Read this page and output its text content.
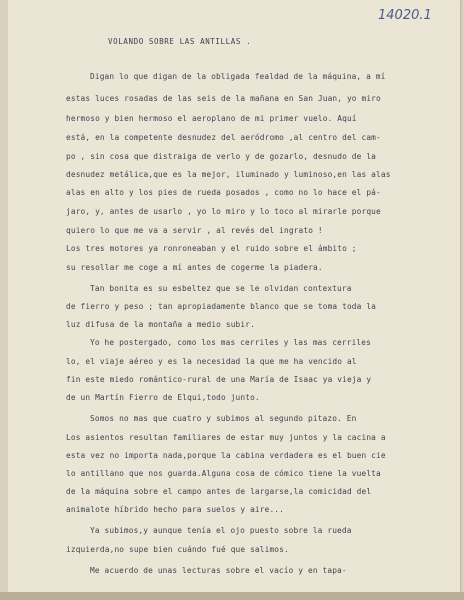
14020.1
VOLANDO SOBRE LAS ANTILLAS .
Digan lo que digan de la obligada fealdad de la máquina, a mí
estas luces rosadas de las seis de la mañana en San Juan, yo miro
hermoso y bien hermoso el aeroplano de mi primer vuelo. Aquí
está, en la competente desnudez del aeródromo ,al centro del cam-
po , sin cosa que distraiga de verlo y de gozarlo, desnudo de la
desnudez metálica,que es la mejor, iluminado y luminoso,en las alas
alas en alto y los pies de rueda posados , como no lo hace el pá-
jaro, y, antes de usarlo , yo lo miro y lo toco al mirarle porque
quiero lo que me va a servir , al revés del ingrato !
Los tres motores ya ronroneaban y el ruido sobre el ámbito ;
su resollar me coge a mí antes de cogerme la piadera.
Tan bonita es su esbeltez que se le olvidan contextura
de fierro y peso ; tan apropiadamente blanco que se toma toda la
luz difusa de la montaña a medio subir.
Yo he postergado, como los mas cerriles y las mas cerriles
lo, el viaje aéreo y es la necesidad la que me ha vencido al
fin este miedo romántico-rural de una María de Isaac ya vieja y
de un Martín Fierro de Elqui,todo junto.
Somos no mas que cuatro y subimos al segundo pitazo. En
Los asientos resultan familiares de estar muy juntos y la cacina a
esta vez no importa nada,porque la cabina verdadera es el buen cie
lo antillano que nos guarda.Alguna cosa de cómico tiene la vuelta
de la máquina sobre el campo antes de largarse,la comicidad del
animalote híbrido hecho para suelos y aire...
Ya subimos,y aunque tenía el ojo puesto sobre la rueda
izquierda,no supe bien cuándo fué que salimos.
Me acuerdo de unas lecturas sobre el vacío y en tapa-
